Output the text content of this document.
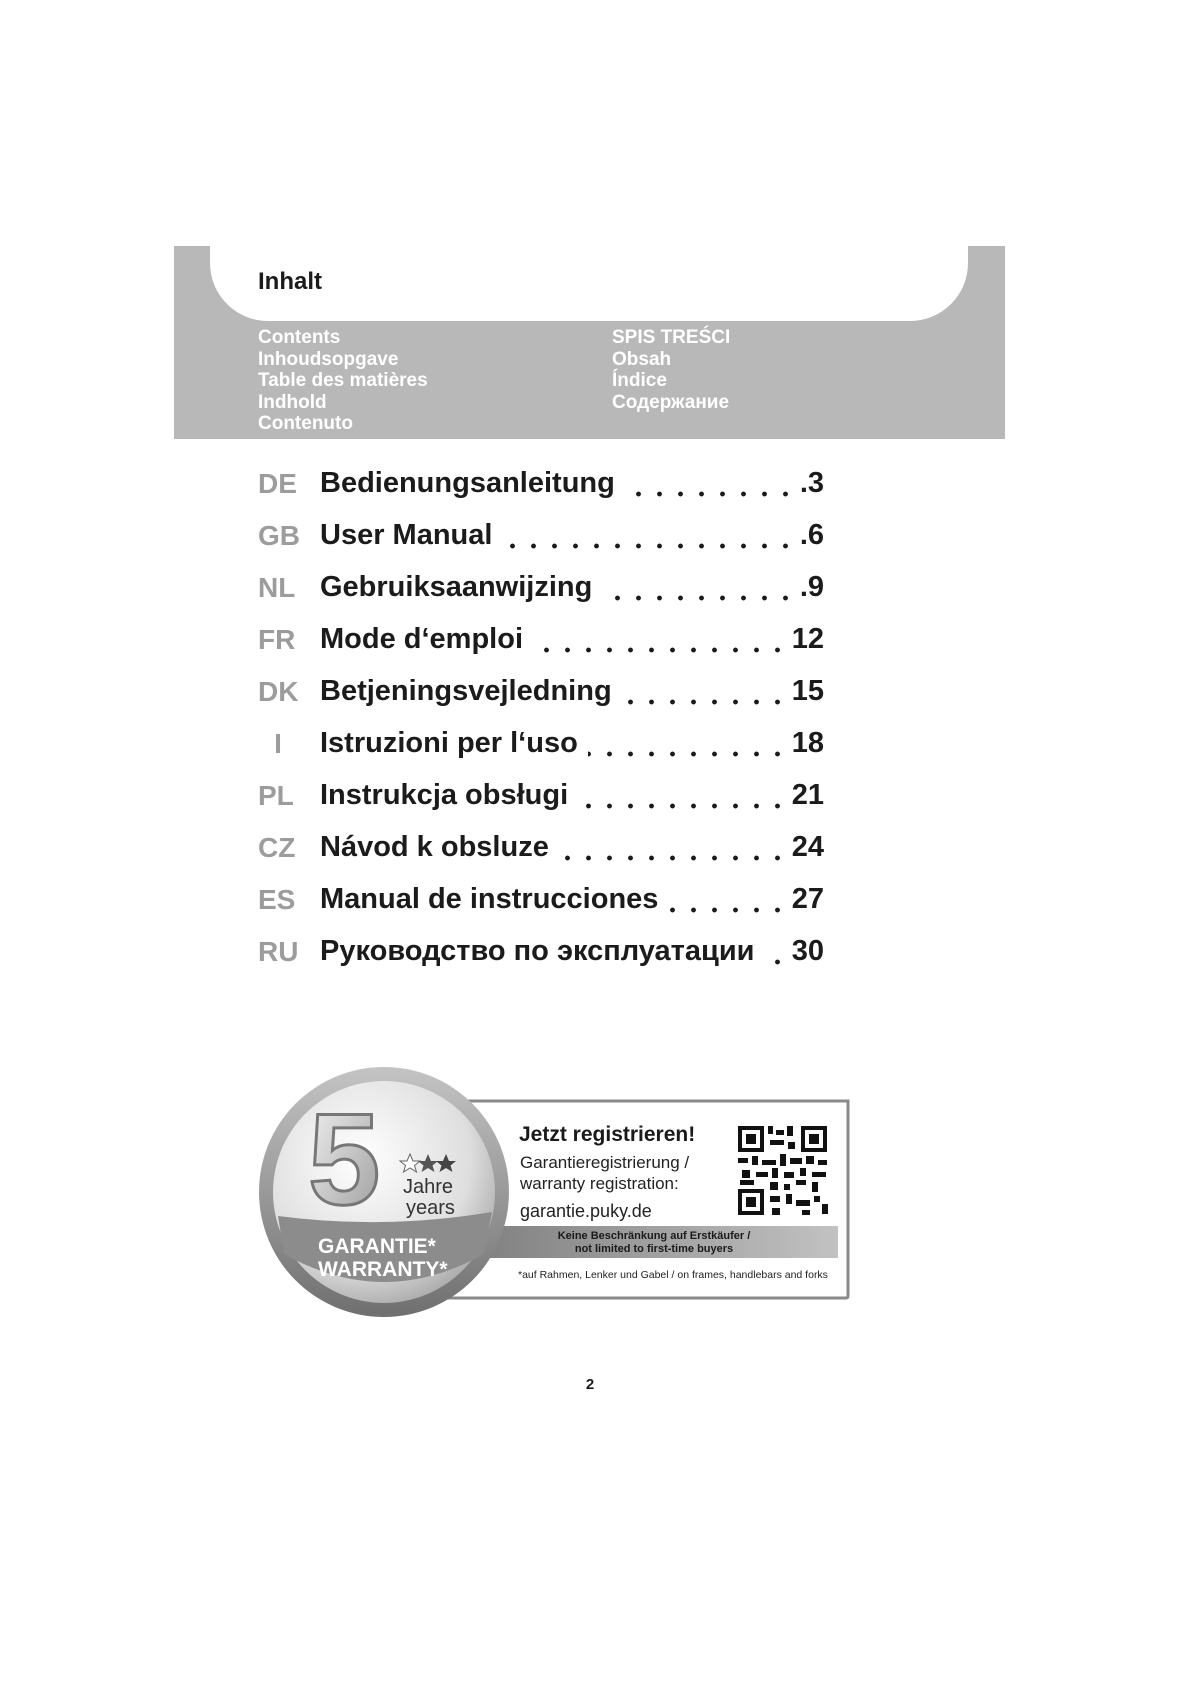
Inhalt
Contents
Inhoudsopgave
Table des matières
Indhold
Contenuto
SPIS TREŚCI
Obsah
Índice
Содержание
DE Bedienungsanleitung	.3
GB User Manual	.6
NL Gebruiksaanwijzing	.9
FR Mode d‘emploi	12
DK Betjeningsvejledning	15
I	Istruzioni per l‘uso	18
PL Instrukcja obsługi	21
CZ Návod k obsluze	24
ES Manual de instrucciones	27
RU Руководство по эксплуатации 30
5 Jahre
years
GARANTIE*
WARRANTY*
Jetzt registrieren!
Garantieregistrierung /
warranty registration:
garantie.puky.de
Keine Beschränkung auf Erstkäufer /
not limited to first-time buyers
*auf Rahmen, Lenker und Gabel / on frames, handlebars and forks
2
